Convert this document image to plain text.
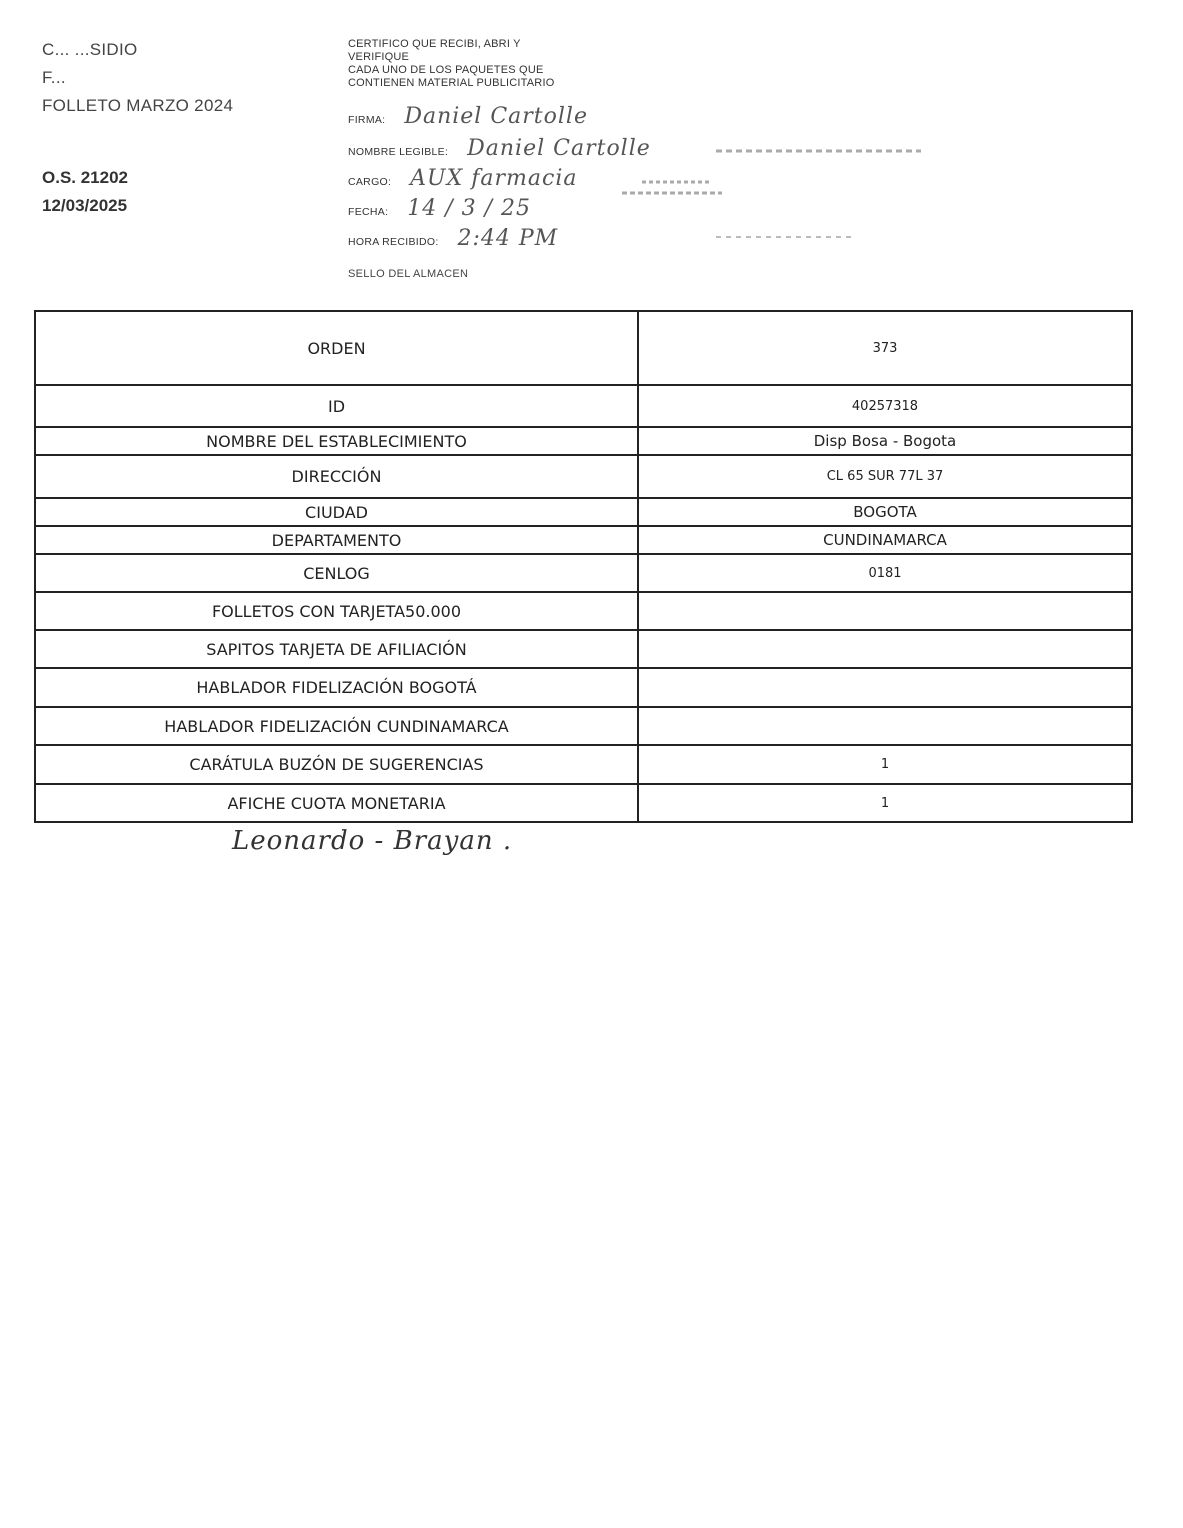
C... ...SIDIO
F...
FOLLETO MARZO 2024
O.S. 21202
12/03/2025
CERTIFICO QUE RECIBI, ABRI Y
VERIFIQUE
CADA UNO DE LOS PAQUETES QUE
CONTIENEN MATERIAL PUBLICITARIO
FIRMA: Daniel Cartolle
NOMBRE LEGIBLE: Daniel Cartolle
CARGO: AUX farmacia
FECHA: 14 / 3 / 25
HORA RECIBIDO: 2:44 PM
SELLO DEL ALMACEN
ORDEN	373
ID	40257318
NOMBRE DEL ESTABLECIMIENTO	Disp Bosa - Bogota
DIRECCIÓN	CL 65 SUR 77L 37
CIUDAD	BOGOTA
DEPARTAMENTO	CUNDINAMARCA
CENLOG	0181
FOLLETOS CON TARJETA50.000	
SAPITOS TARJETA DE AFILIACIÓN	
HABLADOR FIDELIZACIÓN BOGOTÁ	
HABLADOR FIDELIZACIÓN CUNDINAMARCA	
CARÁTULA BUZÓN DE SUGERENCIAS	1
AFICHE CUOTA MONETARIA	1
Leonardo - Brayan .
